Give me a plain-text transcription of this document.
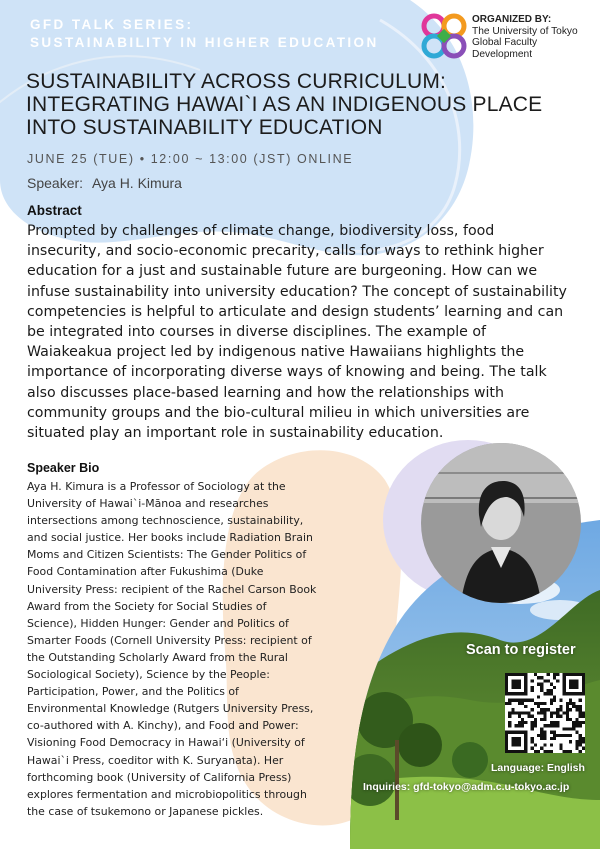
GFD TALK SERIES:
SUSTAINABILITY IN HIGHER EDUCATION
ORGANIZED BY:
The University of Tokyo
Global Faculty Development
SUSTAINABILITY ACROSS CURRICULUM:
INTEGRATING HAWAI`I AS AN INDIGENOUS PLACE
INTO SUSTAINABILITY EDUCATION
JUNE 25 (TUE) • 12:00 ~ 13:00 (JST) ONLINE
Speaker: Aya H. Kimura
Abstract
Prompted by challenges of climate change, biodiversity loss, food
insecurity, and socio-economic precarity, calls for ways to rethink higher
education for a just and sustainable future are burgeoning. How can we
infuse sustainability into university education? The concept of sustainability
competencies is helpful to articulate and design students’ learning and can
be integrated into courses in diverse disciplines. The example of
Waiakeakua project led by indigenous native Hawaiians highlights the
importance of incorporating diverse ways of knowing and being. The talk
also discusses place-based learning and how the relationships with
community groups and the bio-cultural milieu in which universities are
situated play an important role in sustainability education.
Speaker Bio
Aya H. Kimura is a Professor of Sociology at the
University of Hawai`i-Mānoa and researches
intersections among technoscience, sustainability,
and social justice. Her books include Radiation Brain
Moms and Citizen Scientists: The Gender Politics of
Food Contamination after Fukushima (Duke
University Press: recipient of the Rachel Carson Book
Award from the Society for Social Studies of
Science), Hidden Hunger: Gender and Politics of
Smarter Foods (Cornell University Press: recipient of
the Outstanding Scholarly Award from the Rural
Sociological Society), Science by the People:
Participation, Power, and the Politics of
Environmental Knowledge (Rutgers University Press,
co-authored with A. Kinchy), and Food and Power:
Visioning Food Democracy in Hawai‘i (University of
Hawai`i Press, coeditor with K. Suryanata). Her
forthcoming book (University of California Press)
explores fermentation and microbiopolitics through
the case of tsukemono or Japanese pickles.
Scan to register
Language: English
Inquiries: gfd-tokyo@adm.c.u-tokyo.ac.jp
